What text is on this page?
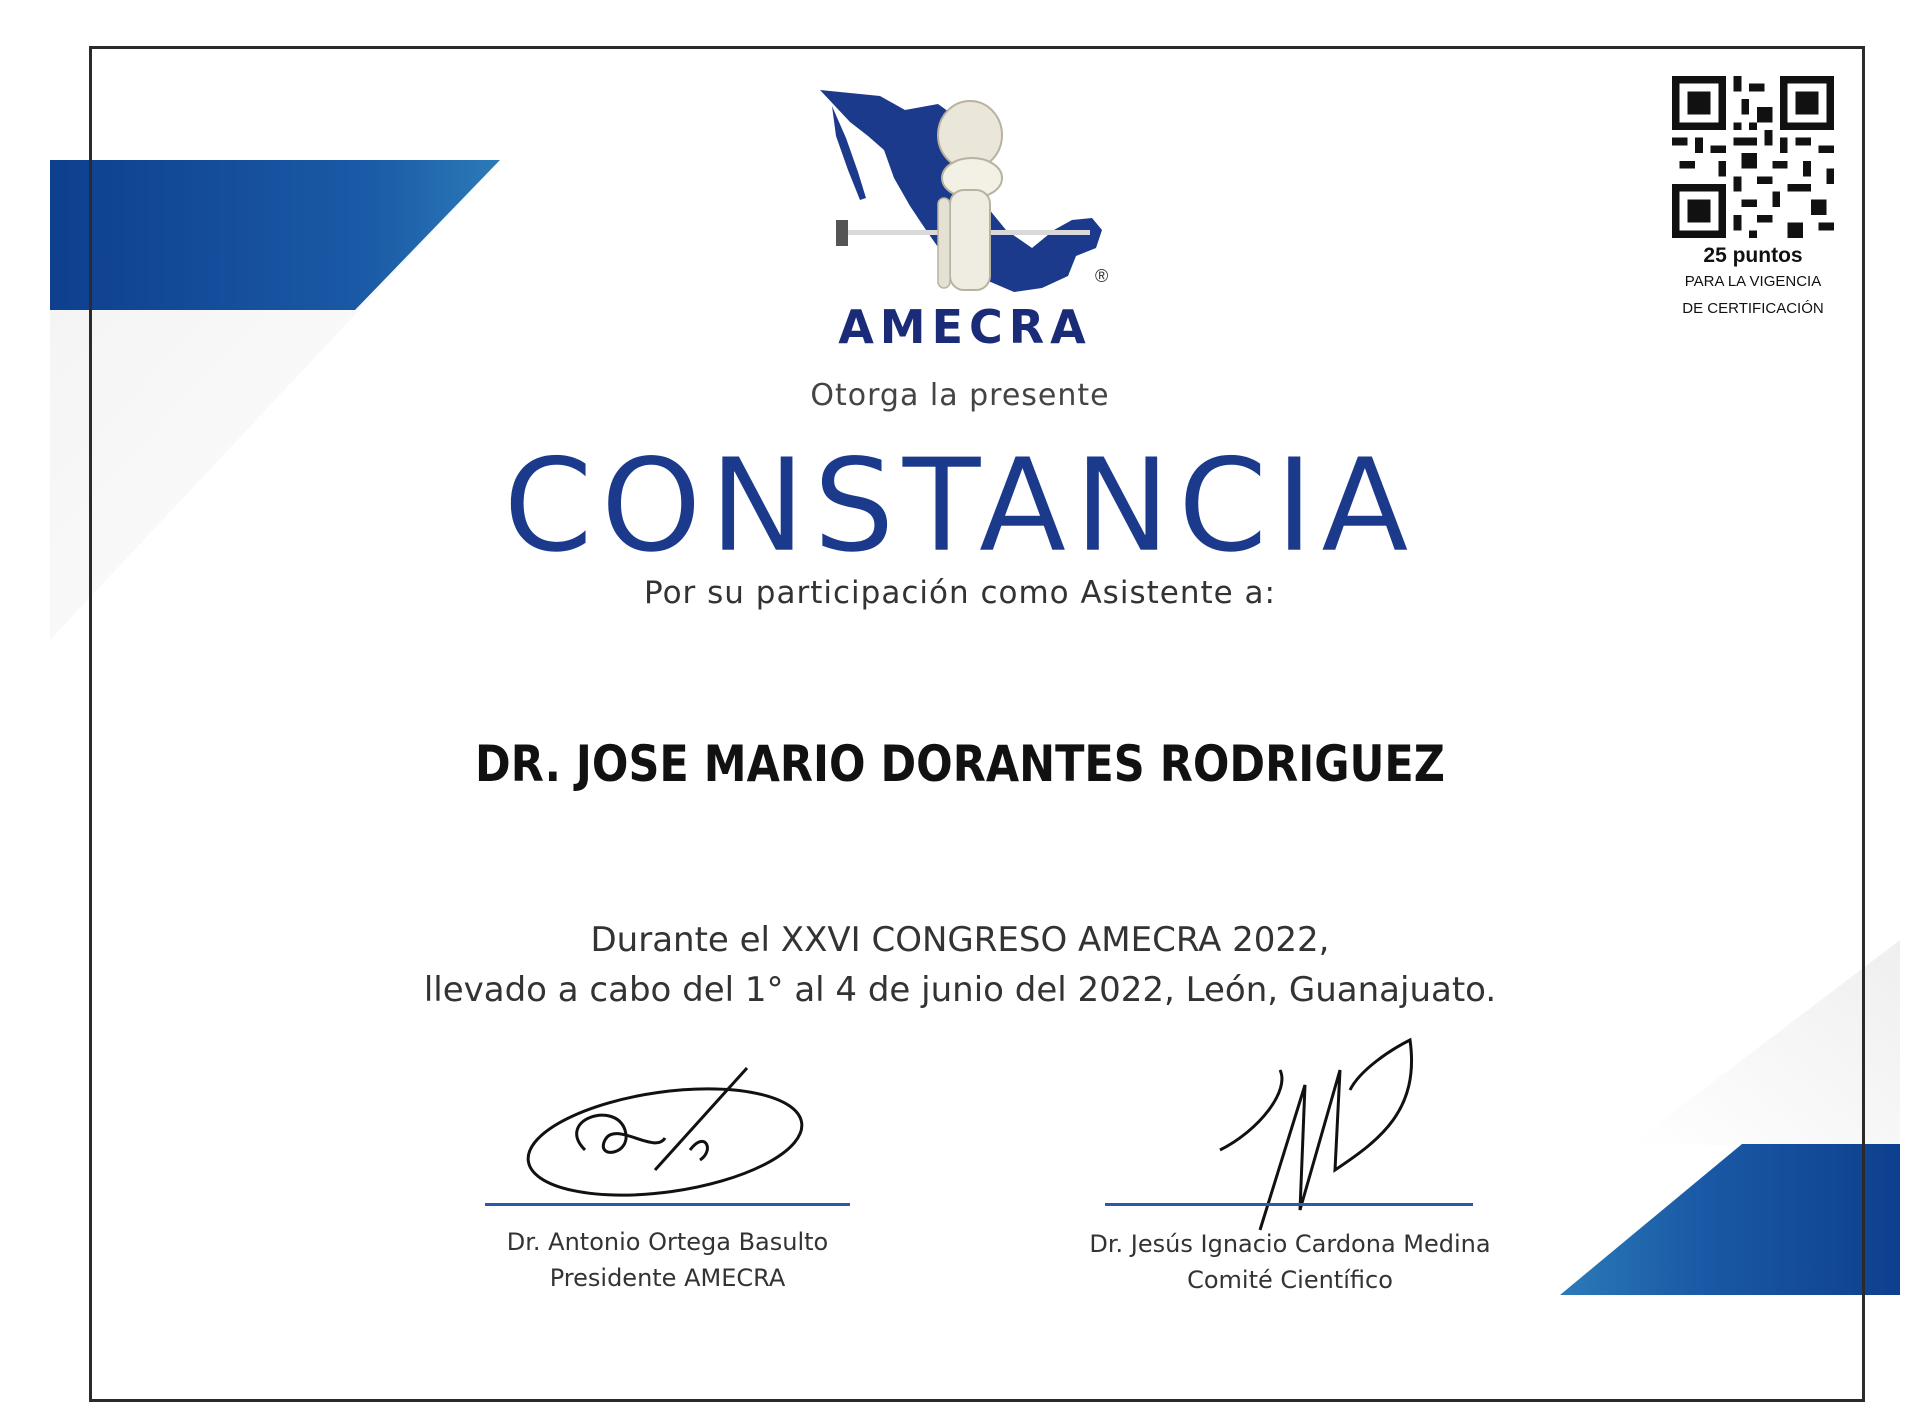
®
AMECRA
25 puntos
PARA LA VIGENCIA
DE CERTIFICACIÓN
Otorga la presente
CONSTANCIA
Por su participación como Asistente a:
DR. JOSE MARIO DORANTES RODRIGUEZ
Durante el XXVI CONGRESO AMECRA 2022,
llevado a cabo del 1° al 4 de junio del 2022, León, Guanajuato.
Dr. Antonio Ortega Basulto
Presidente AMECRA
Dr. Jesús Ignacio Cardona Medina
Comité Científico
